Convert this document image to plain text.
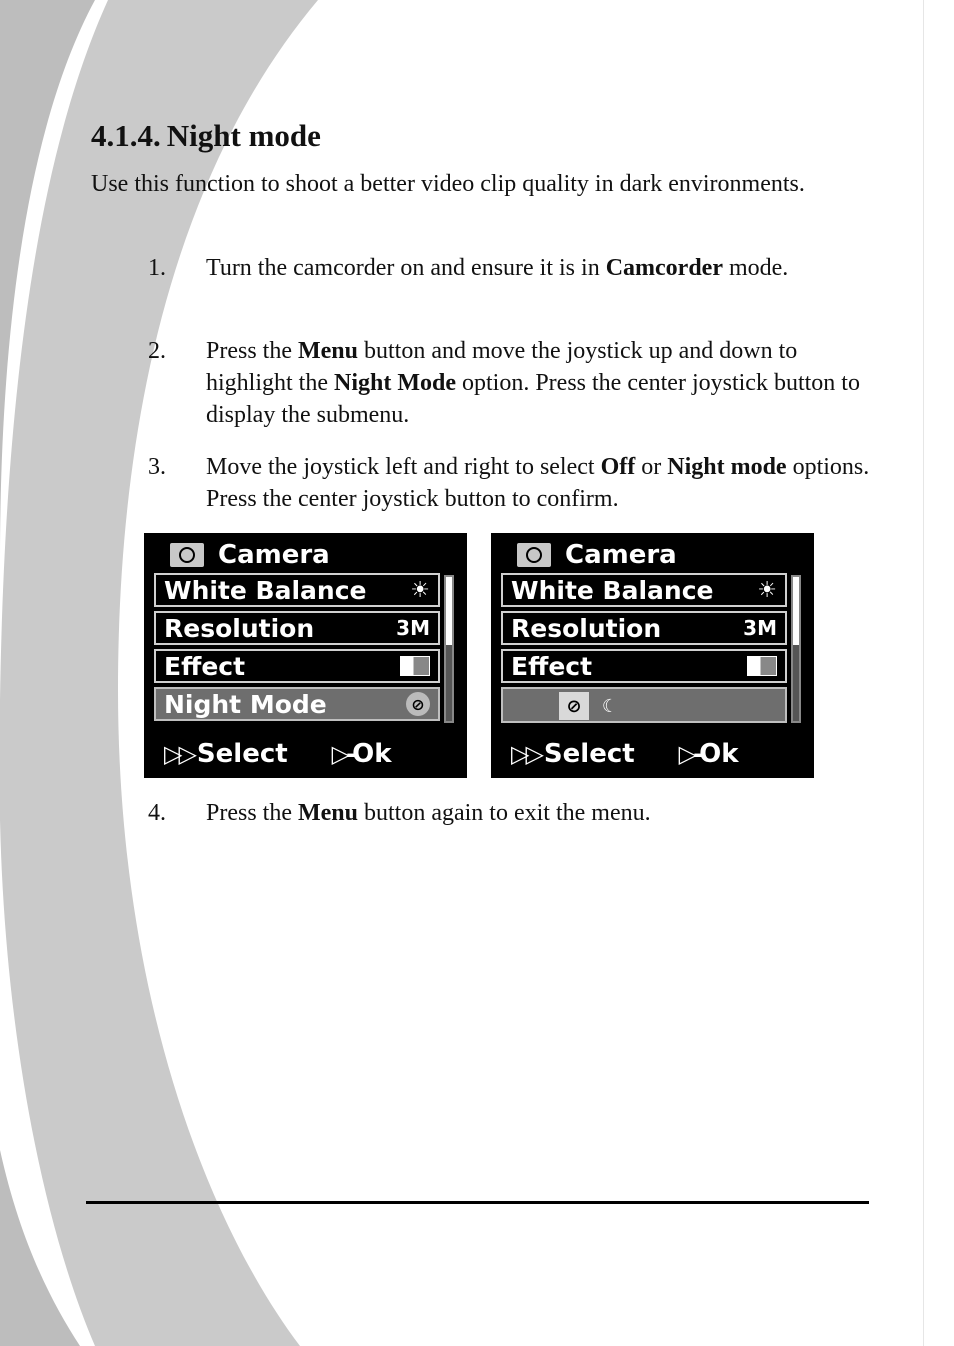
4.1.4. Night mode

Use this function to shoot a better video clip quality in dark environments.

1. Turn the camcorder on and ensure it is in Camcorder mode.
2. Press the Menu button and move the joystick up and down to highlight the Night Mode option. Press the center joystick button to display the submenu.
3. Move the joystick left and right to select Off or Night mode options. Press the center joystick button to confirm.
Camera
White Balance ☀
Resolution	3M
Effect
Night Mode	⊘
▷▷ Select ▷- Ok
Camera
White Balance ☀
Resolution	3M
Effect
⊘	☾
▷▷ Select ▷- Ok
4. Press the Menu button again to exit the menu.
